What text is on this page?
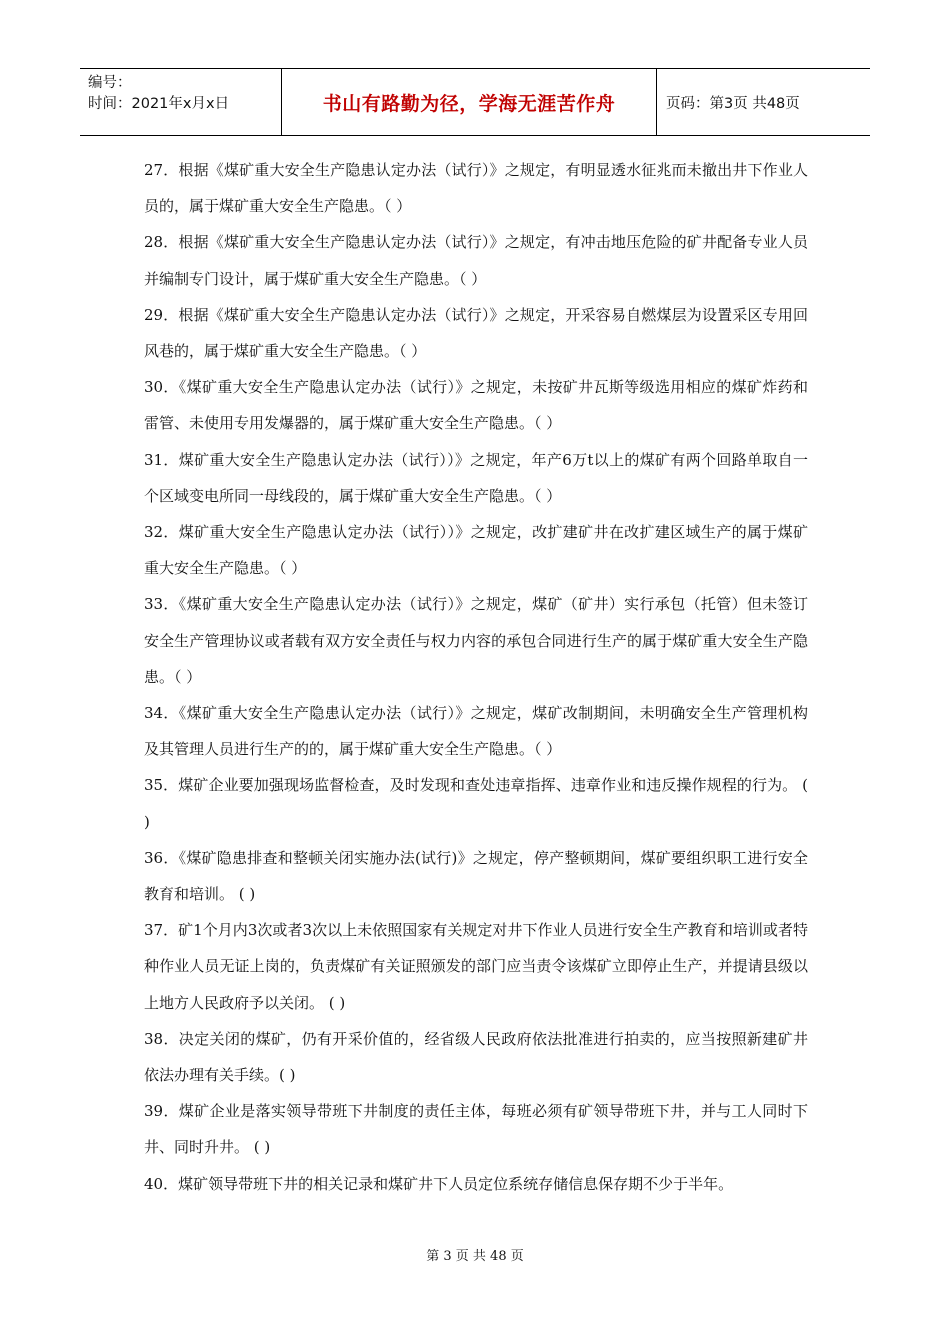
编号：
时间：2021年x月x日	书山有路勤为径，学海无涯苦作舟	页码：第3页 共48页

27．根据《煤矿重大安全生产隐患认定办法（试行）》之规定，有明显透水征兆而未撤出井下作业人员的，属于煤矿重大安全生产隐患。（ ）

28．根据《煤矿重大安全生产隐患认定办法（试行）》之规定，有冲击地压危险的矿井配备专业人员并编制专门设计，属于煤矿重大安全生产隐患。（ ）

29．根据《煤矿重大安全生产隐患认定办法（试行）》之规定，开采容易自燃煤层为设置采区专用回风巷的，属于煤矿重大安全生产隐患。（ ）

30．《煤矿重大安全生产隐患认定办法（试行）》之规定，未按矿井瓦斯等级选用相应的煤矿炸药和雷管、未使用专用发爆器的，属于煤矿重大安全生产隐患。（ ）

31．煤矿重大安全生产隐患认定办法（试行））》之规定，年产6万t以上的煤矿有两个回路单取自一个区域变电所同一母线段的，属于煤矿重大安全生产隐患。（ ）

32．煤矿重大安全生产隐患认定办法（试行））》之规定，改扩建矿井在改扩建区域生产的属于煤矿重大安全生产隐患。（ ）

33．《煤矿重大安全生产隐患认定办法（试行）》之规定，煤矿（矿井）实行承包（托管）但未签订安全生产管理协议或者载有双方安全责任与权力内容的承包合同进行生产的属于煤矿重大安全生产隐患。（ ）

34．《煤矿重大安全生产隐患认定办法（试行）》之规定，煤矿改制期间，未明确安全生产管理机构及其管理人员进行生产的的，属于煤矿重大安全生产隐患。（ ）

35．煤矿企业要加强现场监督检查，及时发现和查处违章指挥、违章作业和违反操作规程的行为。 ( )

36．《煤矿隐患排查和整顿关闭实施办法(试行)》之规定，停产整顿期间，煤矿要组织职工进行安全教育和培训。 ( )

37．矿1个月内3次或者3次以上未依照国家有关规定对井下作业人员进行安全生产教育和培训或者特种作业人员无证上岗的，负责煤矿有关证照颁发的部门应当责令该煤矿立即停止生产，并提请县级以上地方人民政府予以关闭。 ( )

38．决定关闭的煤矿，仍有开采价值的，经省级人民政府依法批准进行拍卖的，应当按照新建矿井依法办理有关手续。( )

39．煤矿企业是落实领导带班下井制度的责任主体，每班必须有矿领导带班下井，并与工人同时下井、同时升井。 ( )

40．煤矿领导带班下井的相关记录和煤矿井下人员定位系统存储信息保存期不少于半年。

第 3 页 共 48 页
